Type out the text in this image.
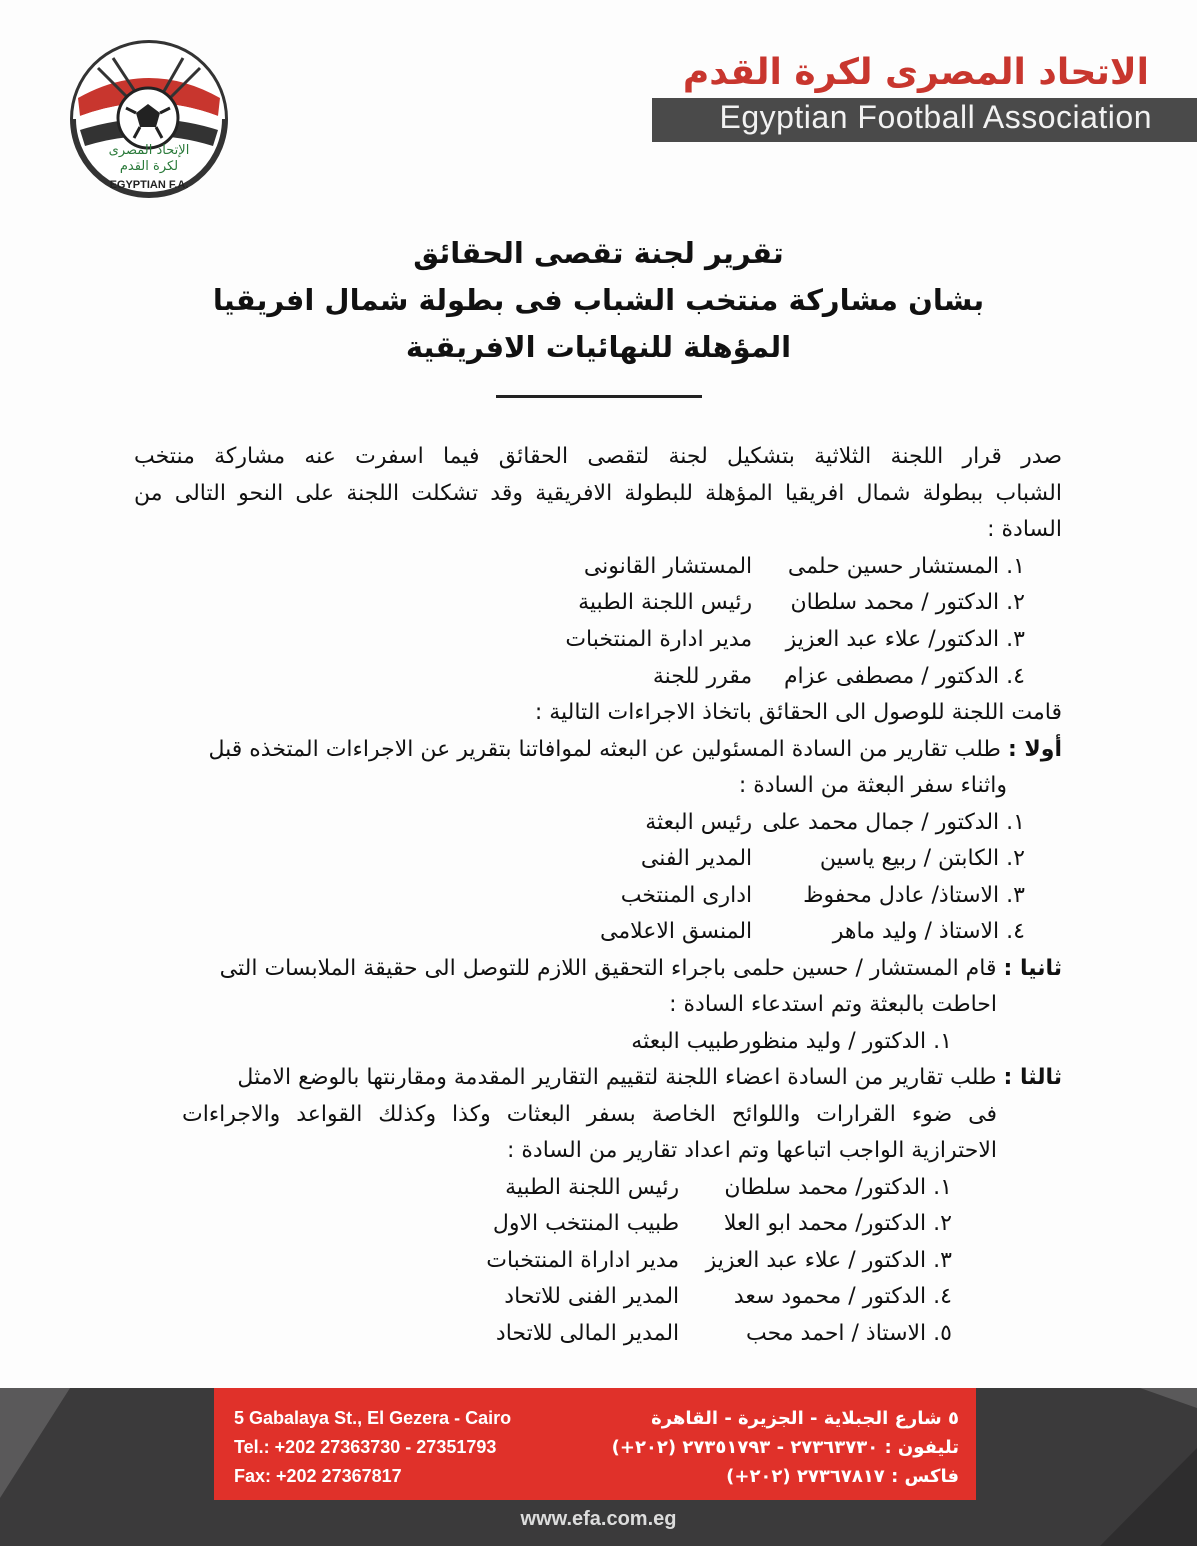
الإتحاد المصرى
لكرة القدم
EGYPTIAN F.A.
الاتحاد المصرى لكرة القدم
Egyptian Football Association
تقرير لجنة تقصى الحقائق
بشان مشاركة منتخب الشباب فى بطولة شمال افريقيا
المؤهلة للنهائيات الافريقية
صدر قرار اللجنة الثلاثية بتشكيل لجنة لتقصى الحقائق فيما اسفرت عنه مشاركة منتخب
الشباب ببطولة شمال افريقيا المؤهلة للبطولة الافريقية وقد تشكلت اللجنة على النحو التالى من
السادة :
١. المستشار حسين حلمى المستشار القانونى
٢. الدكتور / محمد سلطان رئيس اللجنة الطبية
٣. الدكتور/ علاء عبد العزيز مدير ادارة المنتخبات
٤. الدكتور / مصطفى عزام مقرر للجنة
قامت اللجنة للوصول الى الحقائق باتخاذ الاجراءات التالية :
أولا : طلب تقارير من السادة المسئولين عن البعثه لموافاتنا بتقرير عن الاجراءات المتخذه قبل
واثناء سفر البعثة من السادة :
١. الدكتور / جمال محمد على رئيس البعثة
٢. الكابتن / ربيع ياسين المدير الفنى
٣. الاستاذ/ عادل محفوظ ادارى المنتخب
٤. الاستاذ / وليد ماهر المنسق الاعلامى
ثانيا : قام المستشار / حسين حلمى باجراء التحقيق اللازم للتوصل الى حقيقة الملابسات التى
احاطت بالبعثة وتم استدعاء السادة :
١. الدكتور / وليد منظور طبيب البعثه
ثالثا : طلب تقارير من السادة اعضاء اللجنة لتقييم التقارير المقدمة ومقارنتها بالوضع الامثل
فى ضوء القرارات واللوائح الخاصة بسفر البعثات وكذا وكذلك القواعد والاجراءات
الاحترازية الواجب اتباعها وتم اعداد تقارير من السادة :
١. الدكتور/ محمد سلطان رئيس اللجنة الطبية
٢. الدكتور/ محمد ابو العلا طبيب المنتخب الاول
٣. الدكتور / علاء عبد العزيز مدير اداراة المنتخبات
٤. الدكتور / محمود سعد المدير الفنى للاتحاد
٥. الاستاذ / احمد محب المدير المالى للاتحاد
5 Gabalaya St., El Gezera - Cairo
Tel.: +202 27363730 - 27351793
Fax: +202 27367817
٥ شارع الجبلاية - الجزيرة - القاهرة
تليفون : ٢٧٣٦٣٧٣٠ - ٢٧٣٥١٧٩٣ (٢٠٢+)
فاكس : ٢٧٣٦٧٨١٧ (٢٠٢+)
www.efa.com.eg
